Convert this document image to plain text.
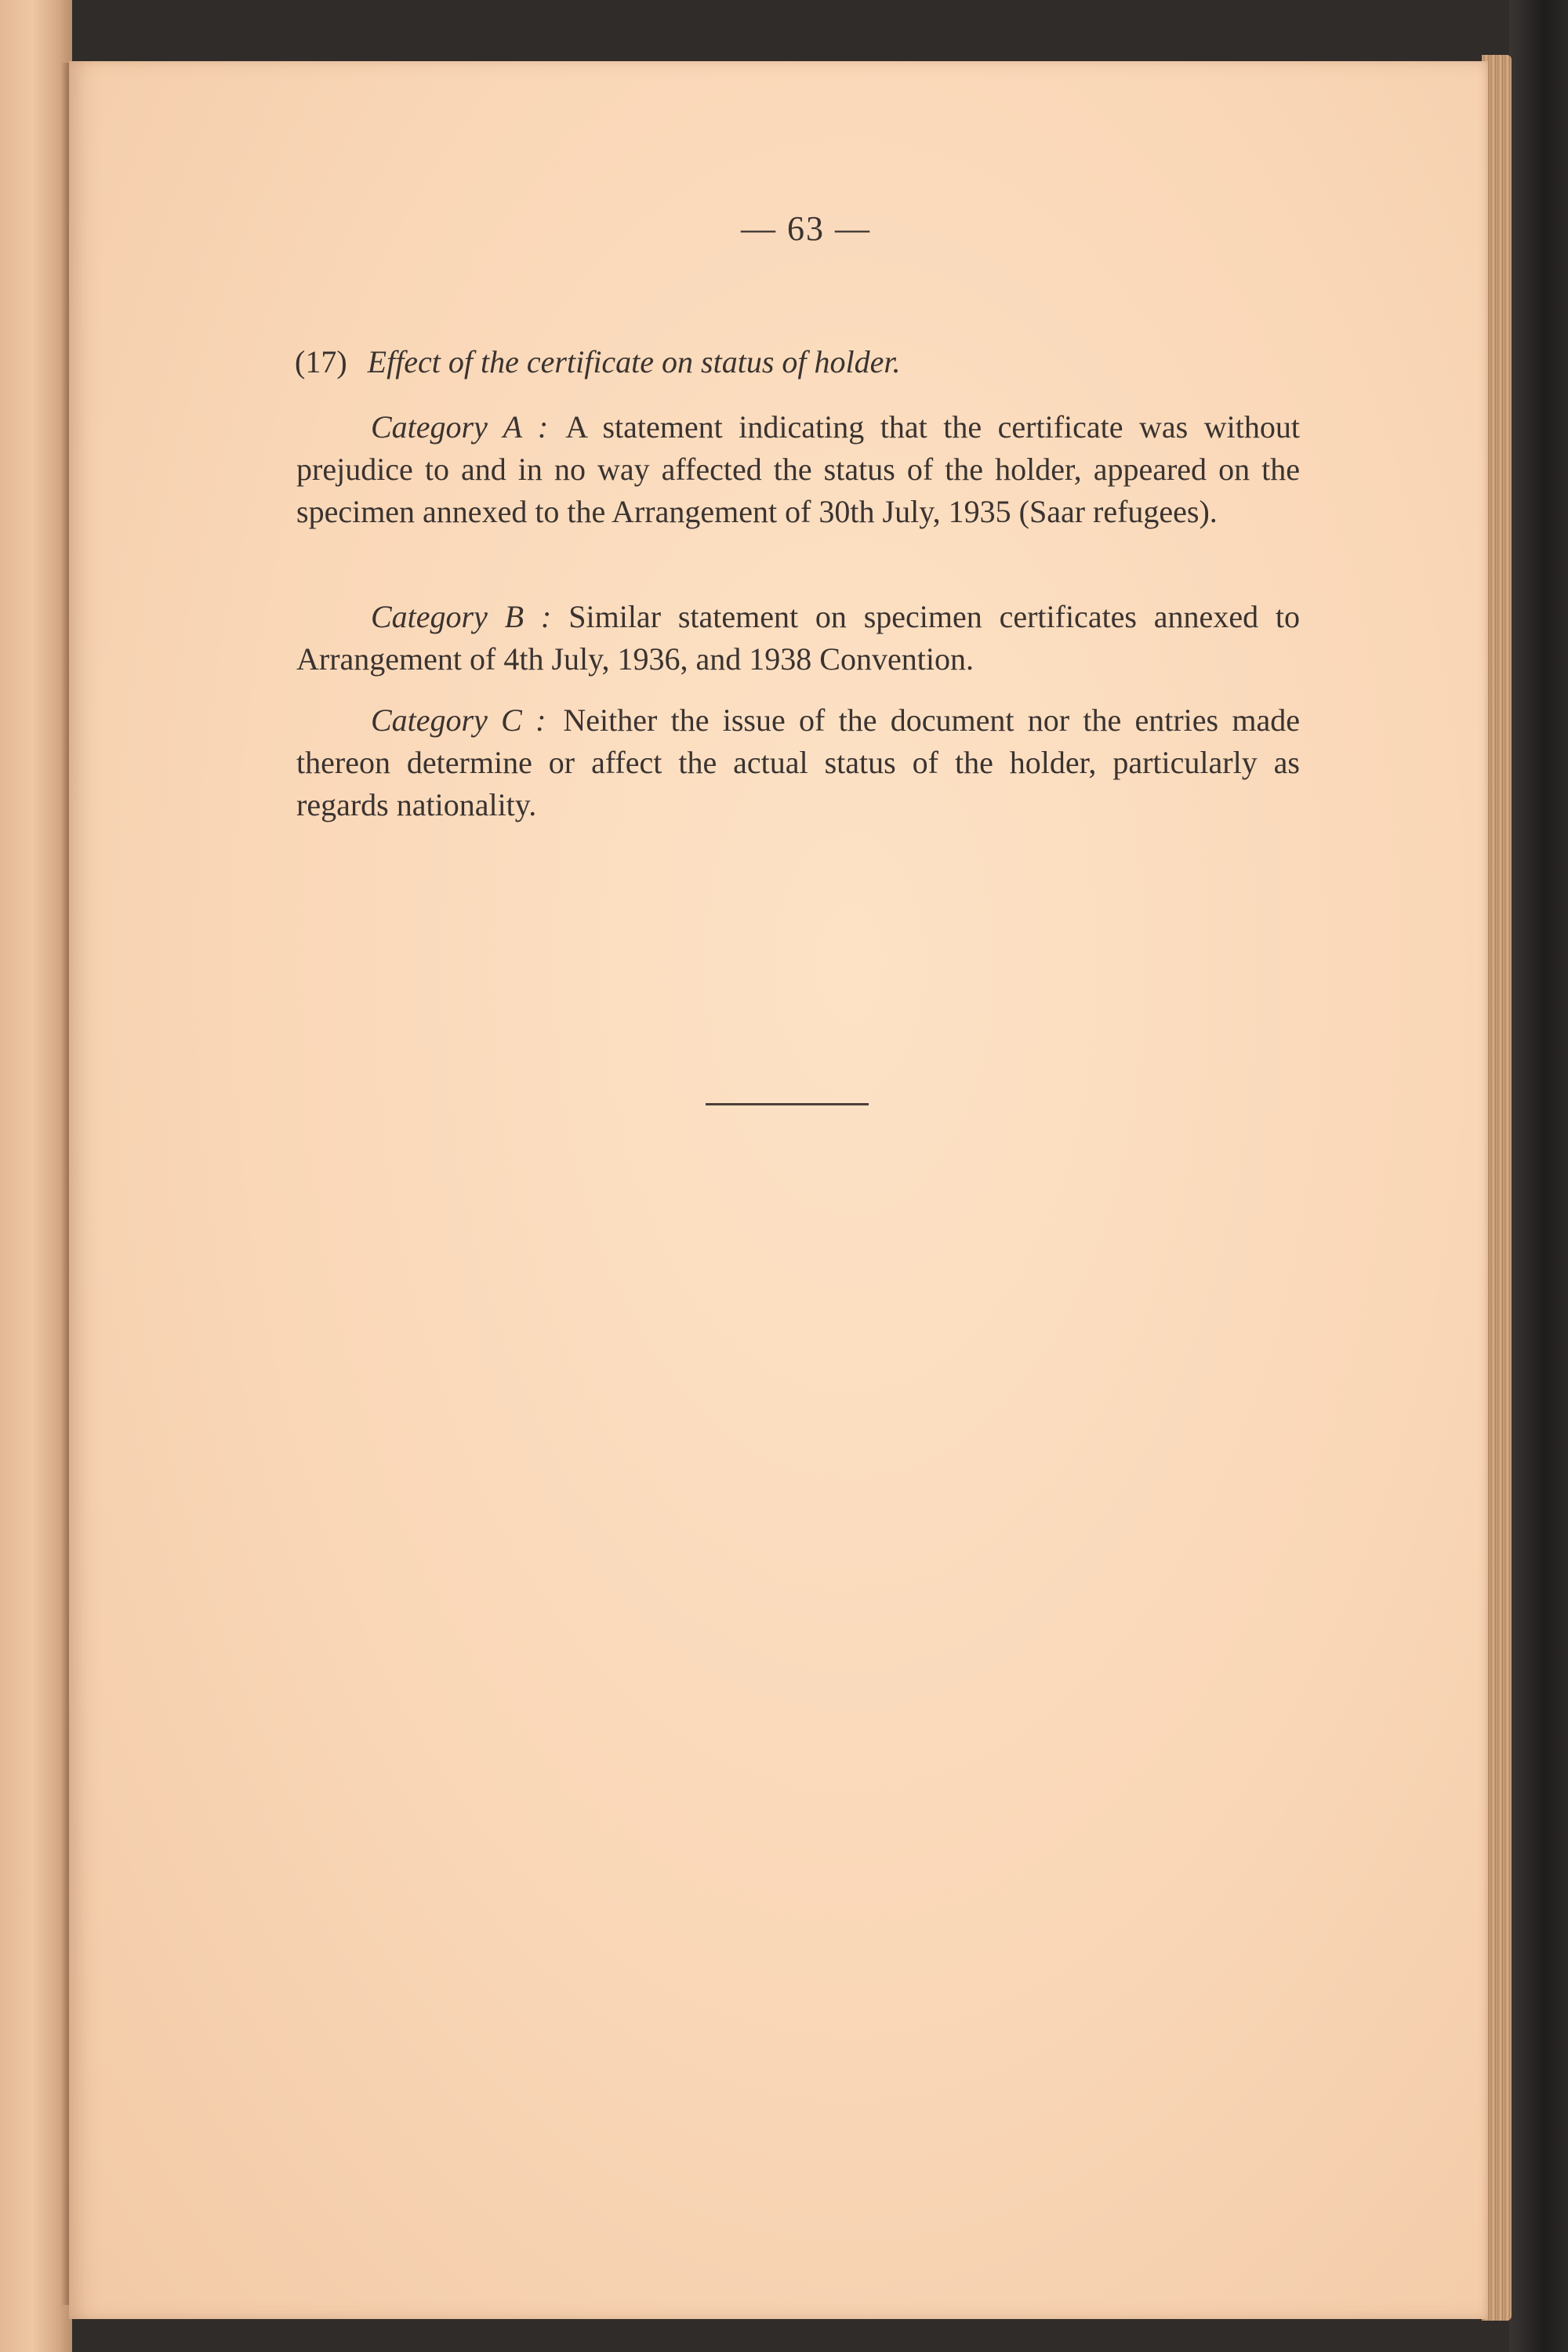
— 63 —
(17) Effect of the certificate on status of holder.
Category A : A statement indicating that the certificate was without prejudice to and in no way affected the status of the holder, appeared on the specimen annexed to the Arrangement of 30th July, 1935 (Saar refugees).
Category B : Similar statement on specimen certificates annexed to Arrangement of 4th July, 1936, and 1938 Convention.
Category C : Neither the issue of the document nor the entries made thereon determine or affect the actual status of the holder, particularly as regards nationality.
